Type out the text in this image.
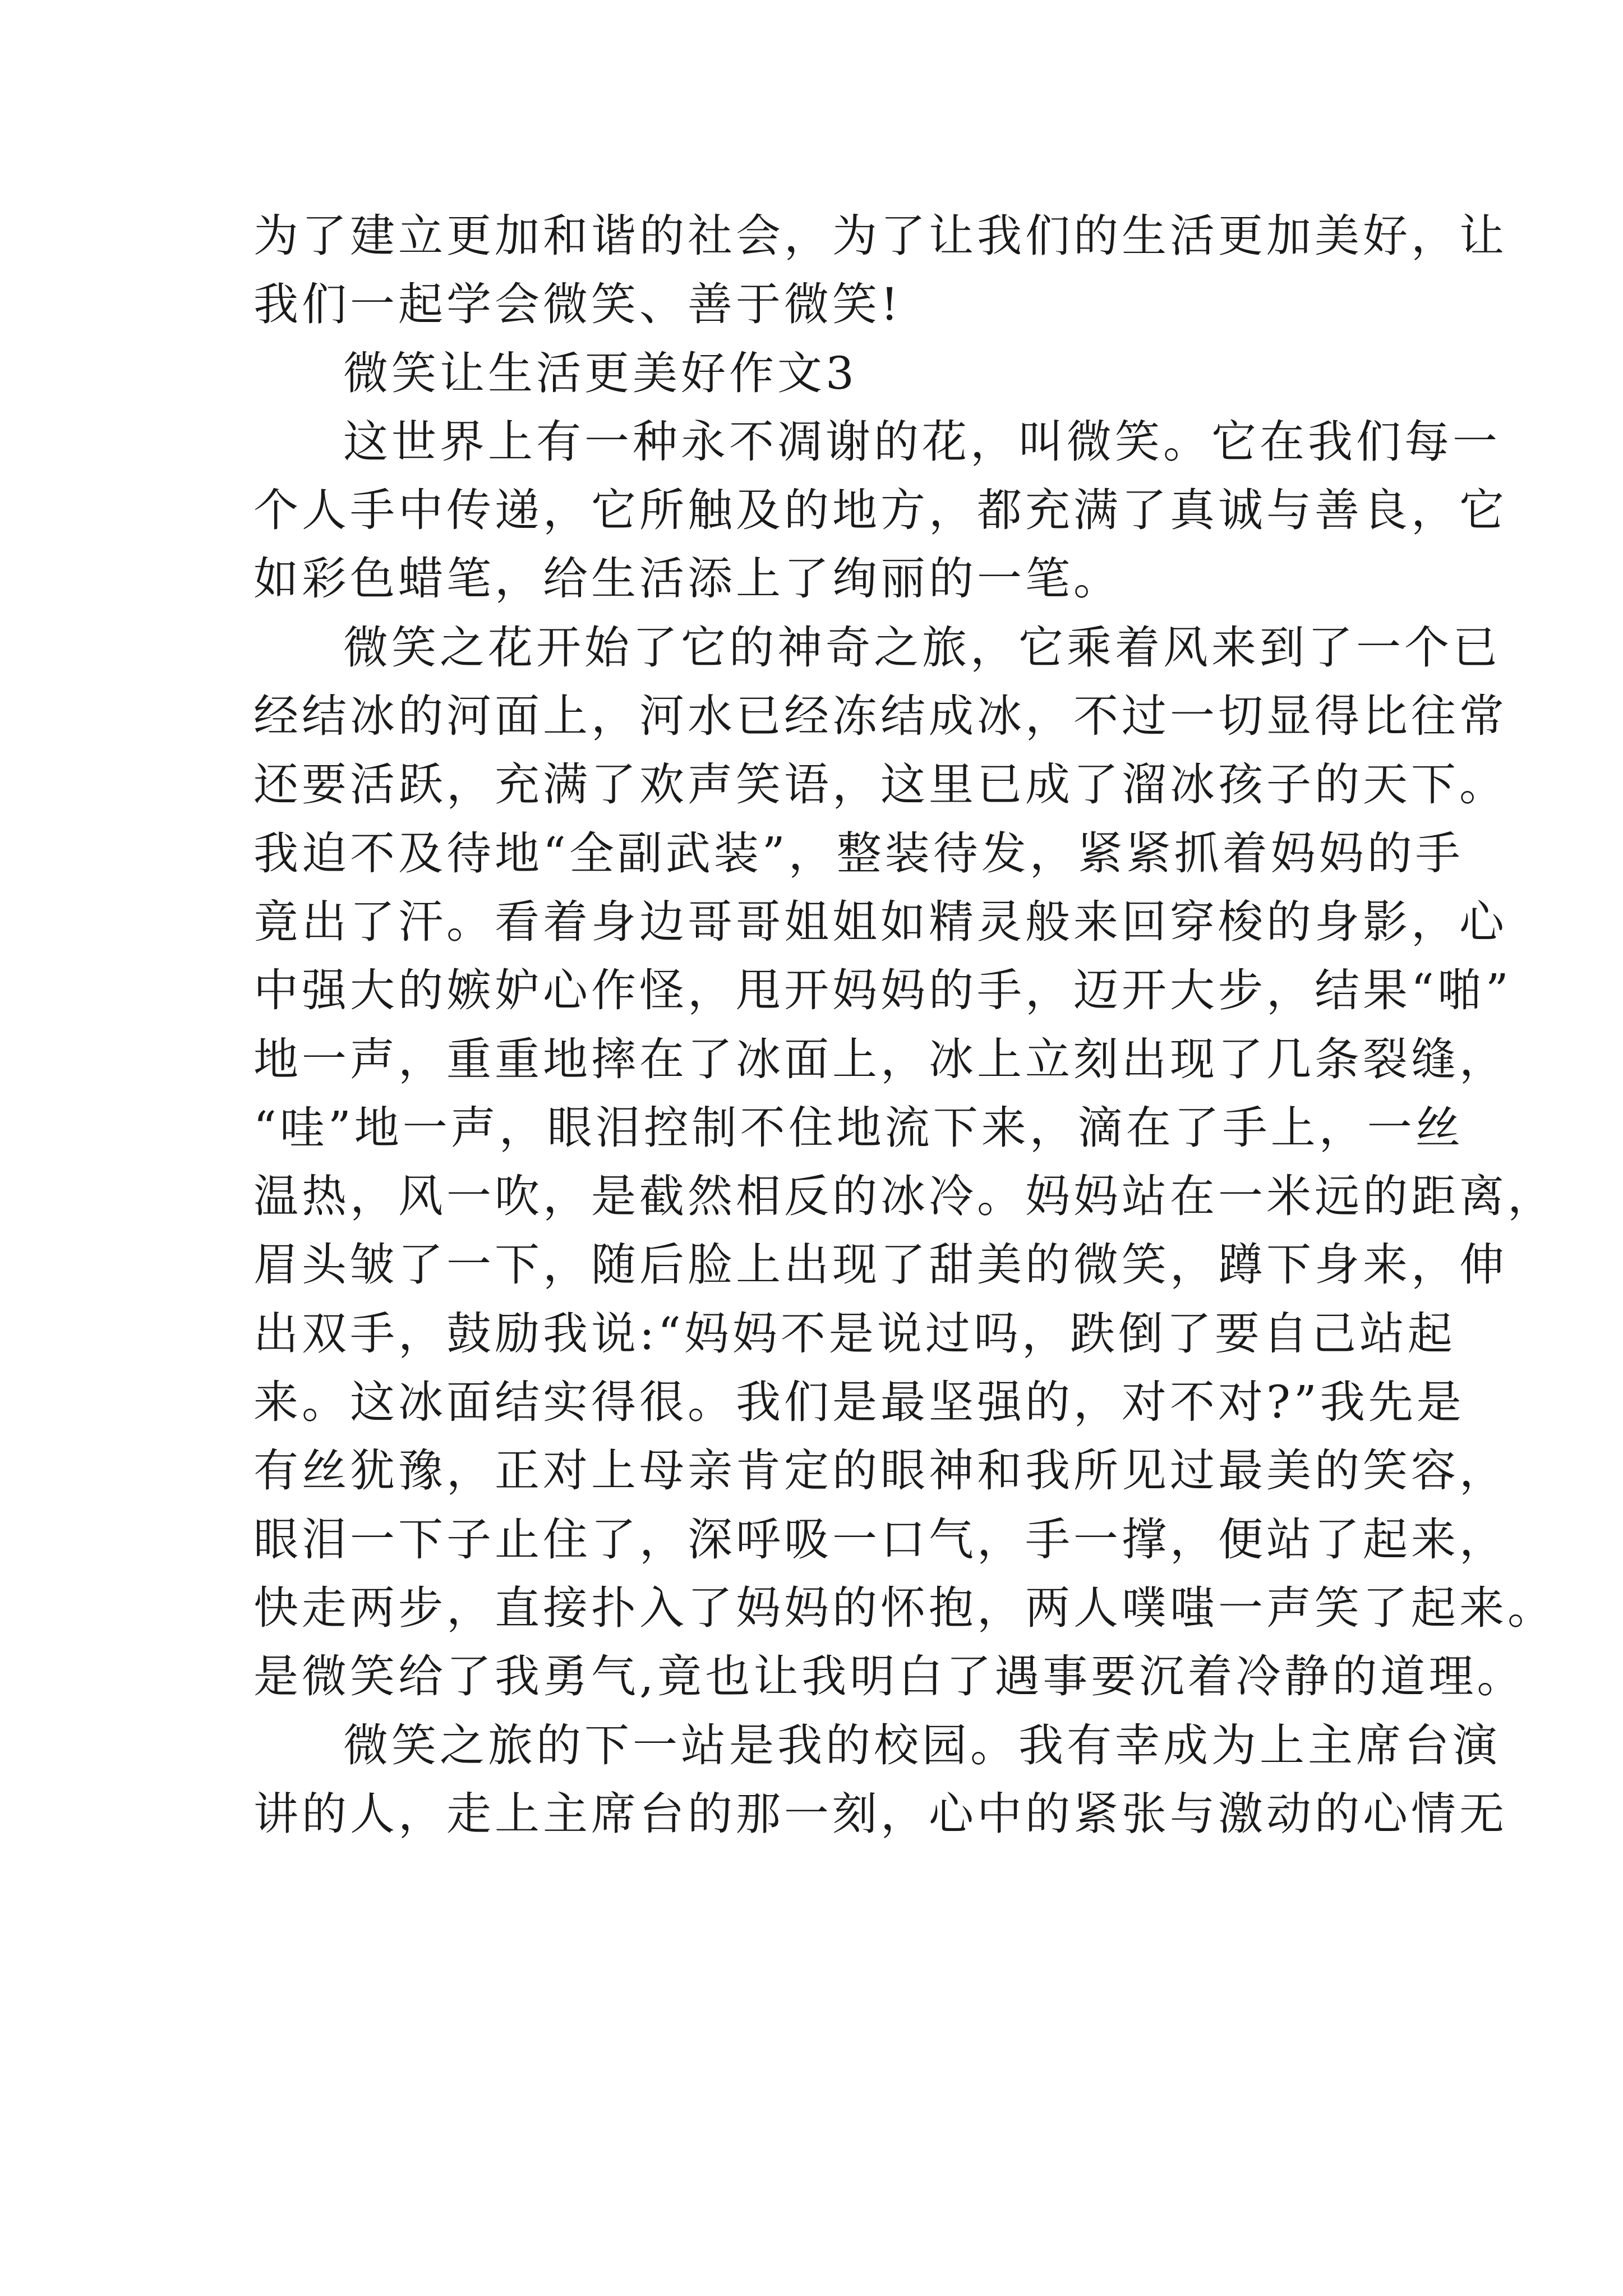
为了建立更加和谐的社会，为了让我们的生活更加美好，让
我们一起学会微笑、善于微笑!
微笑让生活更美好作文3
这世界上有一种永不凋谢的花，叫微笑。它在我们每一
个人手中传递，它所触及的地方，都充满了真诚与善良，它
如彩色蜡笔，给生活添上了绚丽的一笔。
微笑之花开始了它的神奇之旅，它乘着风来到了一个已
经结冰的河面上，河水已经冻结成冰，不过一切显得比往常
还要活跃，充满了欢声笑语，这里已成了溜冰孩子的天下。
我迫不及待地“全副武装”，整装待发，紧紧抓着妈妈的手
竟出了汗。看着身边哥哥姐姐如精灵般来回穿梭的身影，心
中强大的嫉妒心作怪，甩开妈妈的手，迈开大步，结果“啪”
地一声，重重地摔在了冰面上，冰上立刻出现了几条裂缝，
“哇”地一声，眼泪控制不住地流下来，滴在了手上，一丝
温热，风一吹，是截然相反的冰冷。妈妈站在一米远的距离，
眉头皱了一下，随后脸上出现了甜美的微笑，蹲下身来，伸
出双手，鼓励我说:“妈妈不是说过吗，跌倒了要自己站起
来。这冰面结实得很。我们是最坚强的，对不对?”我先是
有丝犹豫，正对上母亲肯定的眼神和我所见过最美的笑容，
眼泪一下子止住了，深呼吸一口气，手一撑，便站了起来，
快走两步，直接扑入了妈妈的怀抱，两人噗嗤一声笑了起来。
是微笑给了我勇气,竟也让我明白了遇事要沉着冷静的道理。
微笑之旅的下一站是我的校园。我有幸成为上主席台演
讲的人，走上主席台的那一刻，心中的紧张与激动的心情无
